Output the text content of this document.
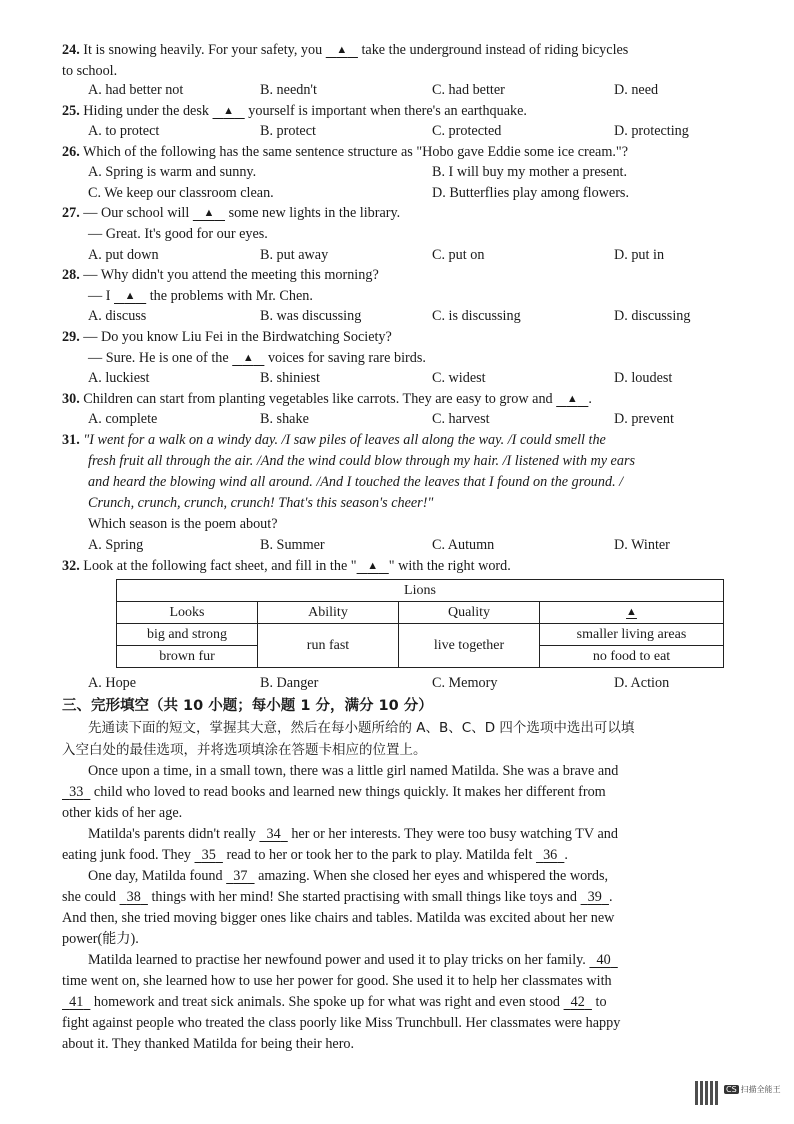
24. It is snowing heavily. For your safety, you ▲ take the underground instead of riding bicycles
to school.
A. had better not	B. needn't	C. had better	D. need
25. Hiding under the desk ▲ yourself is important when there's an earthquake.
A. to protect	B. protect	C. protected	D. protecting
26. Which of the following has the same sentence structure as "Hobo gave Eddie some ice cream."?
A. Spring is warm and sunny.	B. I will buy my mother a present.
C. We keep our classroom clean.	D. Butterflies play among flowers.
27. — Our school will ▲ some new lights in the library.
— Great. It's good for our eyes.
A. put down	B. put away	C. put on	D. put in
28. — Why didn't you attend the meeting this morning?
— I ▲ the problems with Mr. Chen.
A. discuss	B. was discussing	C. is discussing	D. discussing
29. — Do you know Liu Fei in the Birdwatching Society?
— Sure. He is one of the ▲ voices for saving rare birds.
A. luckiest	B. shiniest	C. widest	D. loudest
30. Children can start from planting vegetables like carrots. They are easy to grow and ▲ .
A. complete	B. shake	C. harvest	D. prevent
31. "I went for a walk on a windy day. /I saw piles of leaves all along the way. /I could smell the
fresh fruit all through the air. /And the wind could blow through my hair. /I listened with my ears
and heard the blowing wind all around. /And I touched the leaves that I found on the ground. /
Crunch, crunch, crunch, crunch! That's this season's cheer!"
Which season is the poem about?
A. Spring	B. Summer	C. Autumn	D. Winter
32. Look at the following fact sheet, and fill in the " ▲ " with the right word.
Lions			
Looks	Ability	Quality	▲
big and strong	run fast	live together	smaller living areas
brown fur			no food to eat
A. Hope	B. Danger	C. Memory	D. Action
三、完形填空（共 10 小题；每小题 1 分，满分 10 分）
先通读下面的短文，掌握其大意，然后在每小题所给的 A、B、C、D 四个选项中选出可以填
入空白处的最佳选项，并将选项填涂在答题卡相应的位置上。
Once upon a time, in a small town, there was a little girl named Matilda. She was a brave and
33 child who loved to read books and learned new things quickly. It makes her different from
other kids of her age.
Matilda's parents didn't really 34 her or her interests. They were too busy watching TV and
eating junk food. They 35 read to her or took her to the park to play. Matilda felt 36 .
One day, Matilda found 37 amazing. When she closed her eyes and whispered the words,
she could 38 things with her mind! She started practising with small things like toys and 39 .
And then, she tried moving bigger ones like chairs and tables. Matilda was excited about her new
power(能力).
Matilda learned to practise her newfound power and used it to play tricks on her family. 40
time went on, she learned how to use her power for good. She used it to help her classmates with
41 homework and treat sick animals. She spoke up for what was right and even stood 42 to
fight against people who treated the class poorly like Miss Trunchbull. Her classmates were happy
about it. They thanked Matilda for being their hero.
CS 扫描全能王
